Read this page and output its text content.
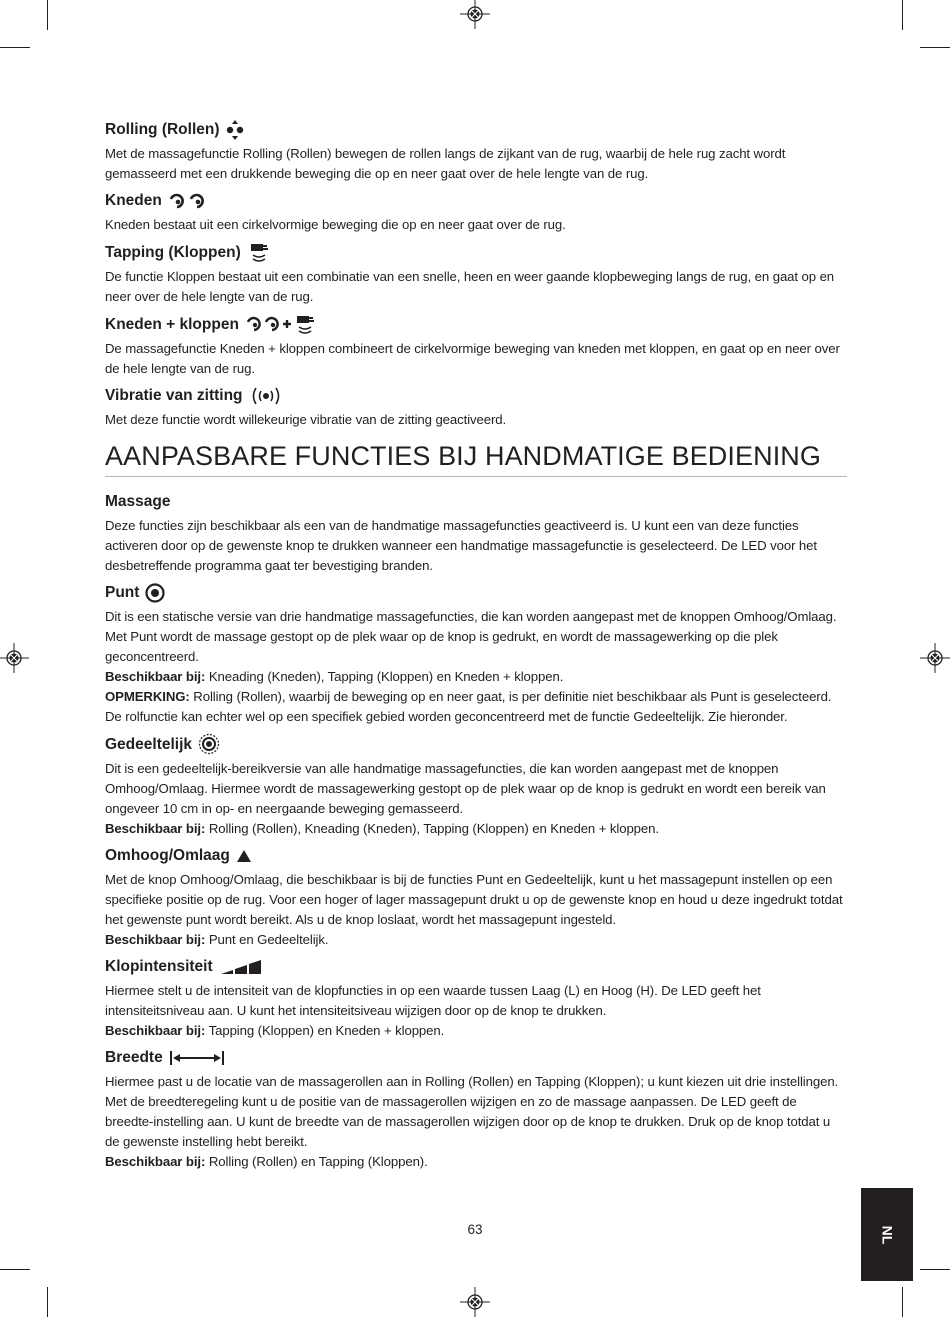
Rolling (Rollen)

Met de massagefunctie Rolling (Rollen) bewegen de rollen langs de zijkant van de rug, waarbij de hele rug zacht wordt gemasseerd met een drukkende beweging die op en neer gaat over de hele lengte van de rug.

Kneden

Kneden bestaat uit een cirkelvormige beweging die op en neer gaat over de rug.

Tapping (Kloppen)

De functie Kloppen bestaat uit een combinatie van een snelle, heen en weer gaande klopbeweging langs de rug, en gaat op en neer over de hele lengte van de rug.

Kneden + kloppen

De massagefunctie Kneden + kloppen combineert de cirkelvormige beweging van kneden met kloppen, en gaat op en neer over de hele lengte van de rug.

Vibratie van zitting

Met deze functie wordt willekeurige vibratie van de zitting geactiveerd.

AANPASBARE FUNCTIES BIJ HANDMATIGE BEDIENING
Massage

Deze functies zijn beschikbaar als een van de handmatige massagefuncties geactiveerd is. U kunt een van deze functies activeren door op de gewenste knop te drukken wanneer een handmatige massagefunctie is geselecteerd. De LED voor het desbetreffende programma gaat ter bevestiging branden.

Punt

Dit is een statische versie van drie handmatige massagefuncties, die kan worden aangepast met de knoppen Omhoog/Omlaag. Met Punt wordt de massage gestopt op de plek waar op de knop is gedrukt, en wordt de massagewerking op die plek geconcentreerd.

Beschikbaar bij: Kneading (Kneden), Tapping (Kloppen) en Kneden + kloppen.

OPMERKING: Rolling (Rollen), waarbij de beweging op en neer gaat, is per definitie niet beschikbaar als Punt is geselecteerd. De rolfunctie kan echter wel op een specifiek gebied worden geconcentreerd met de functie Gedeeltelijk. Zie hieronder.

Gedeeltelijk

Dit is een gedeeltelijk-bereikversie van alle handmatige massagefuncties, die kan worden aangepast met de knoppen Omhoog/Omlaag. Hiermee wordt de massagewerking gestopt op de plek waar op de knop is gedrukt en wordt een bereik van ongeveer 10 cm in op- en neergaande beweging gemasseerd.

Beschikbaar bij: Rolling (Rollen), Kneading (Kneden), Tapping (Kloppen) en Kneden + kloppen.

Omhoog/Omlaag

Met de knop Omhoog/Omlaag, die beschikbaar is bij de functies Punt en Gedeeltelijk, kunt u het massagepunt instellen op een specifieke positie op de rug. Voor een hoger of lager massagepunt drukt u op de gewenste knop en houd u deze ingedrukt totdat het gewenste punt wordt bereikt. Als u de knop loslaat, wordt het massagepunt ingesteld.

Beschikbaar bij: Punt en Gedeeltelijk.

Klopintensiteit

Hiermee stelt u de intensiteit van de klopfuncties in op een waarde tussen Laag (L) en Hoog (H). De LED geeft het intensiteitsniveau aan. U kunt het intensiteitsiveau wijzigen door op de knop te drukken.

Beschikbaar bij: Tapping (Kloppen) en Kneden + kloppen.

Breedte

Hiermee past u de locatie van de massagerollen aan in Rolling (Rollen) en Tapping (Kloppen); u kunt kiezen uit drie instellingen. Met de breedteregeling kunt u de positie van de massagerollen wijzigen en zo de massage aanpassen. De LED geeft de breedte-instelling aan. U kunt de breedte van de massagerollen wijzigen door op de knop te drukken. Druk op de knop totdat u de gewenste instelling hebt bereikt.

Beschikbaar bij: Rolling (Rollen) en Tapping (Kloppen).

63	NL
